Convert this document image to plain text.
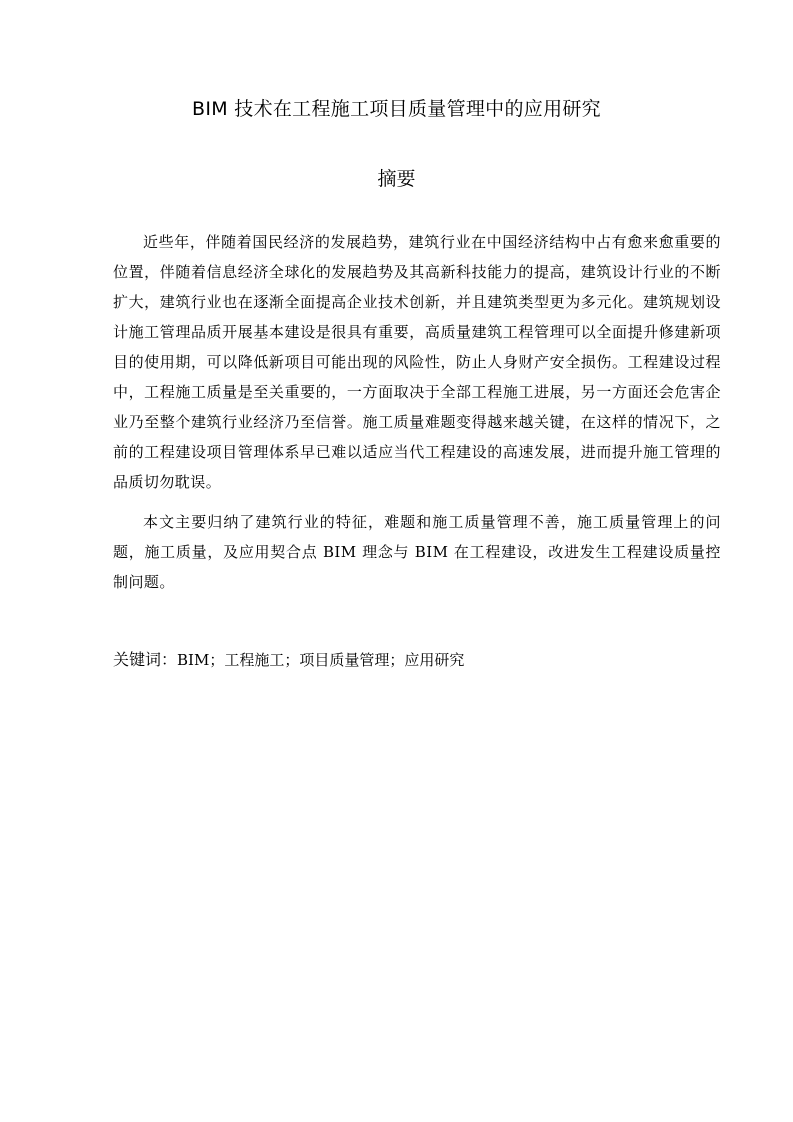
BIM 技术在工程施工项目质量管理中的应用研究
摘要

近些年，伴随着国民经济的发展趋势，建筑行业在中国经济结构中占有愈来愈重要的位置，伴随着信息经济全球化的发展趋势及其高新科技能力的提高，建筑设计行业的不断扩大，建筑行业也在逐渐全面提高企业技术创新，并且建筑类型更为多元化。建筑规划设计施工管理品质开展基本建设是很具有重要，高质量建筑工程管理可以全面提升修建新项目的使用期，可以降低新项目可能出现的风险性，防止人身财产安全损伤。工程建设过程中，工程施工质量是至关重要的，一方面取决于全部工程施工进展，另一方面还会危害企业乃至整个建筑行业经济乃至信誉。施工质量难题变得越来越关键，在这样的情况下，之前的工程建设项目管理体系早已难以适应当代工程建设的高速发展，进而提升施工管理的品质切勿耽误。

本文主要归纳了建筑行业的特征，难题和施工质量管理不善，施工质量管理上的问题，施工质量，及应用契合点 BIM 理念与 BIM 在工程建设，改进发生工程建设质量控制问题。

关键词：BIM；工程施工；项目质量管理；应用研究
